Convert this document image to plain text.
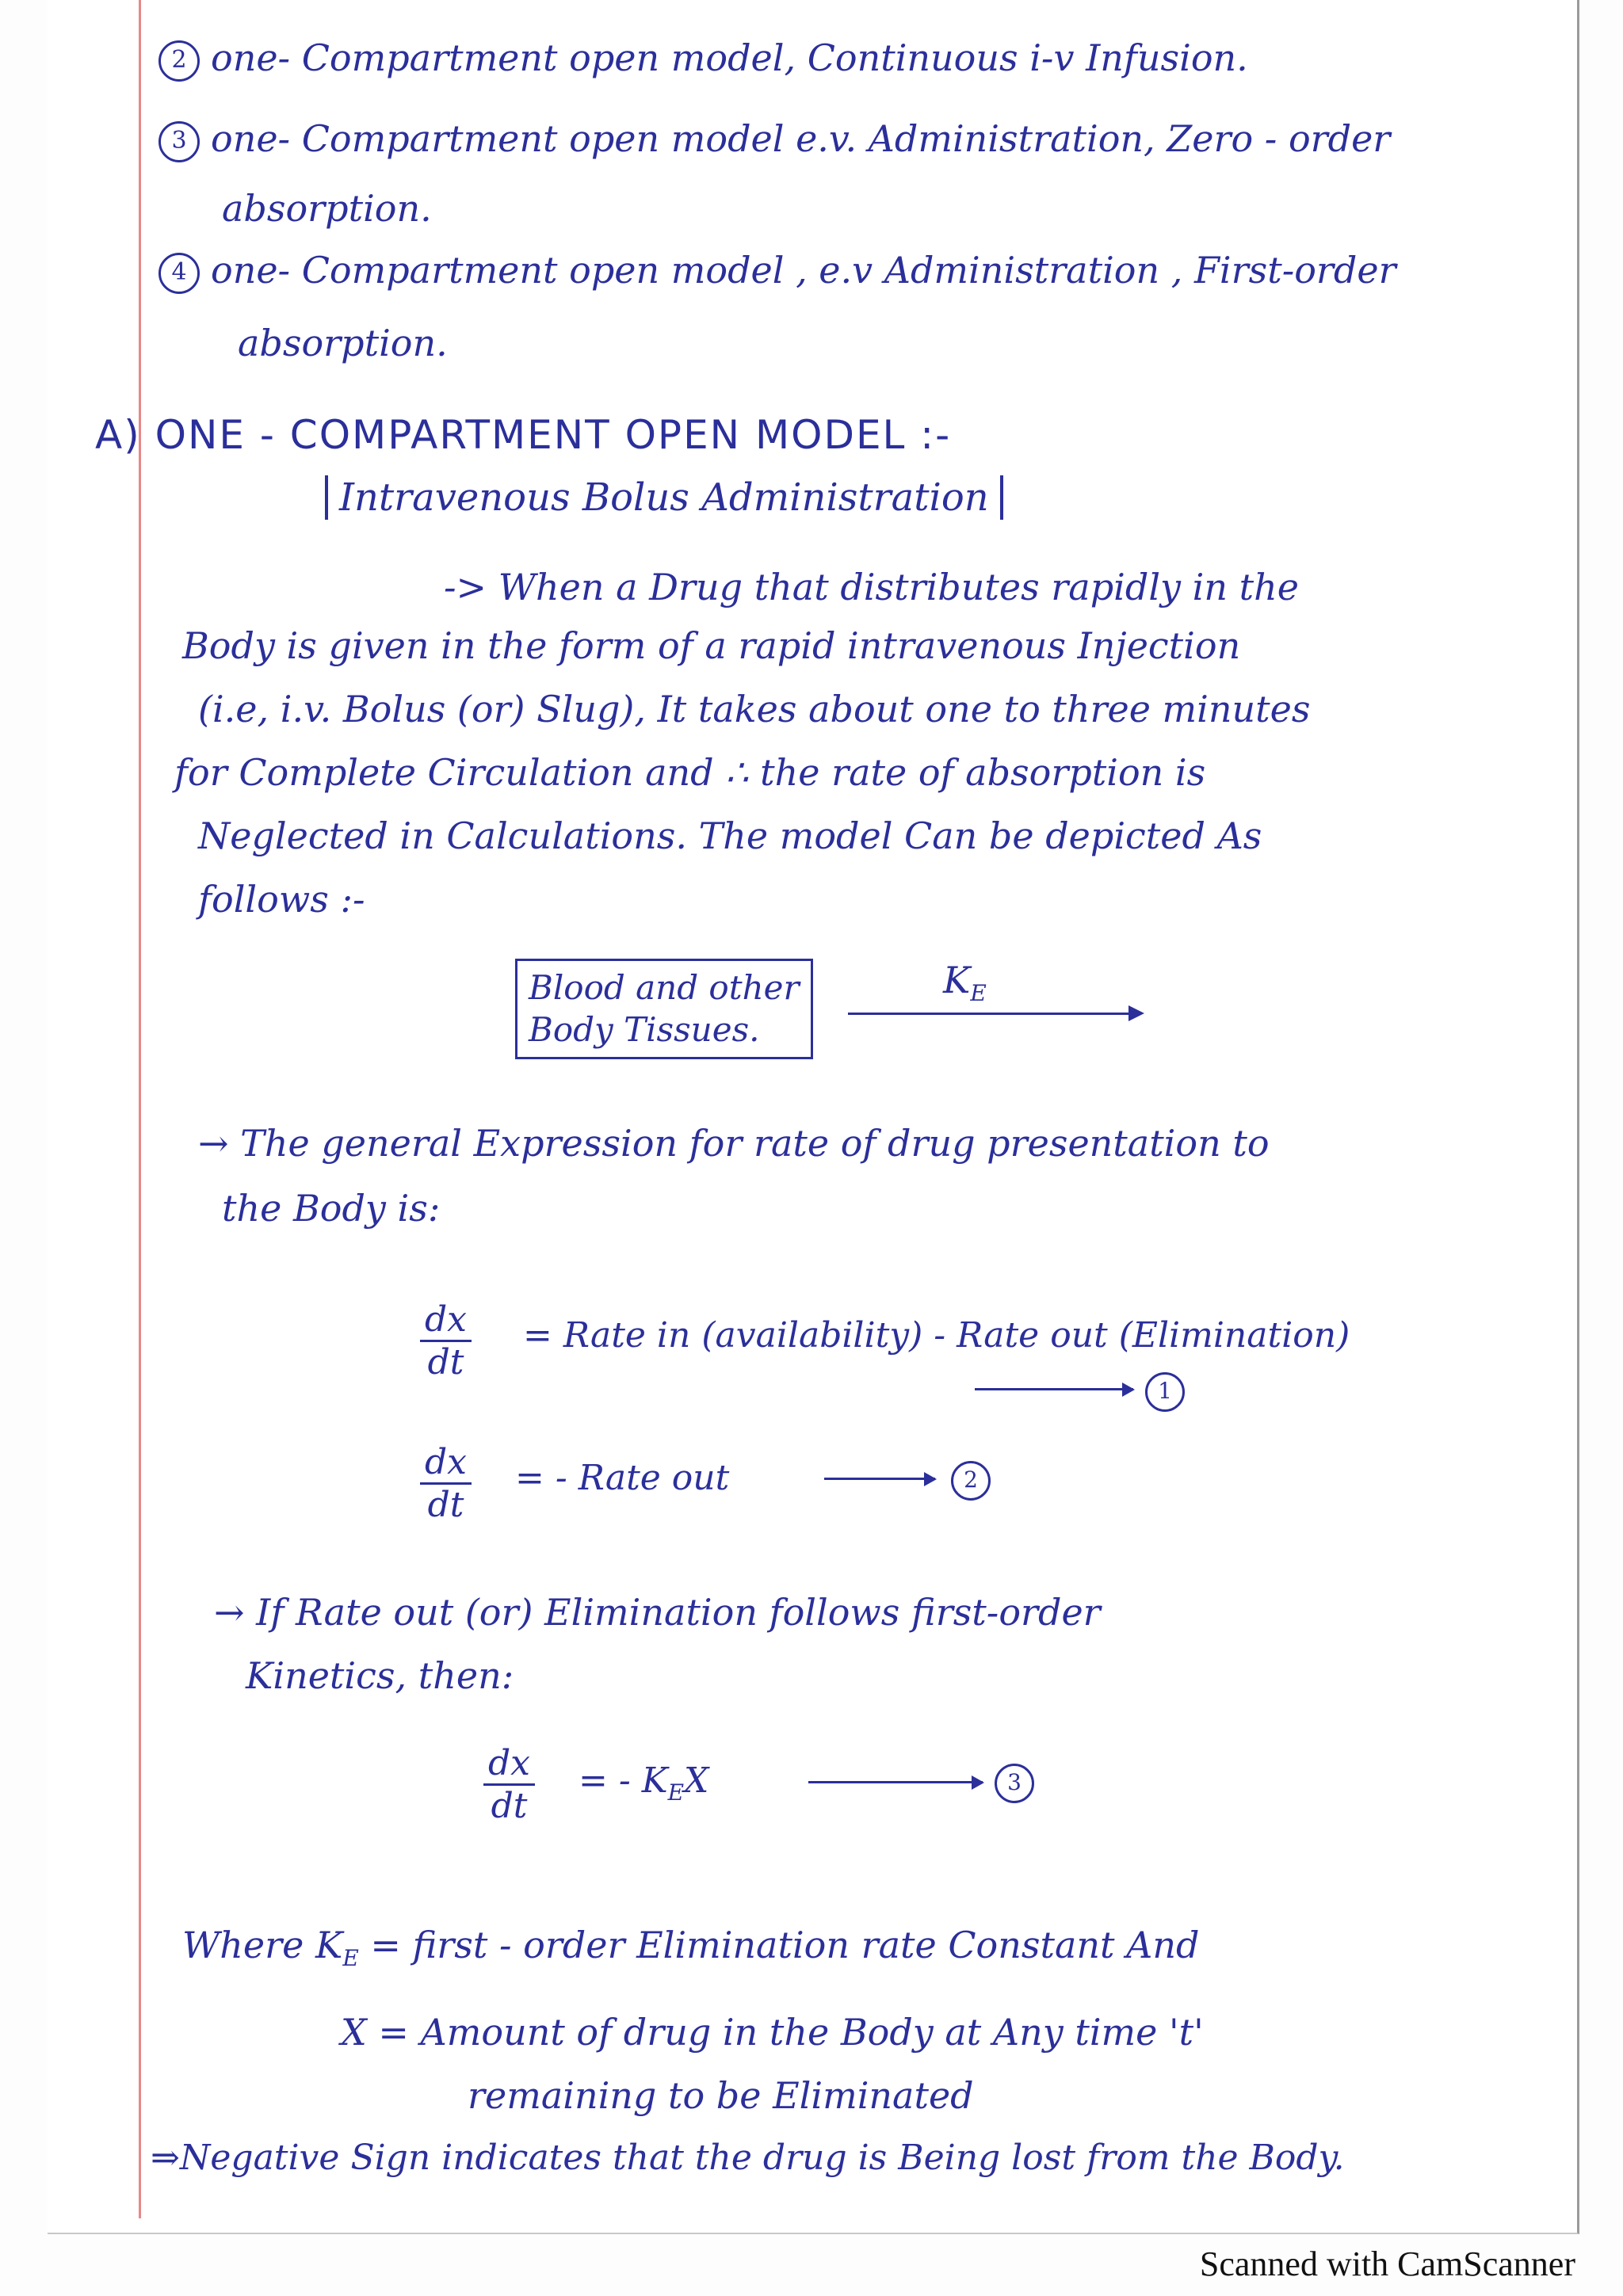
2 one- Compartment open model, Continuous i-v Infusion.
3 one- Compartment open model e.v. Administration, Zero - order
absorption.
4 one- Compartment open model , e.v Administration , First-order
absorption.
A) ONE - COMPARTMENT OPEN MODEL :-
Intravenous Bolus Administration
-> When a Drug that distributes rapidly in the
Body is given in the form of a rapid intravenous Injection
(i.e, i.v. Bolus (or) Slug), It takes about one to three minutes
for Complete Circulation and ∴ the rate of absorption is
Neglected in Calculations. The model Can be depicted As
follows :-
Blood and other
Body Tissues.
$K_E$
→ The general Expression for rate of drug presentation to
the Body is:
$\frac{dx}{dt}$ = Rate in (availability) - Rate out (Elimination)
1
$\frac{dx}{dt}$ = - Rate out	2
→ If Rate out (or) Elimination follows first-order
Kinetics, then:
$\frac{dx}{dt}$ = - $K_EX$	3
Where $K_E$ = first - order Elimination rate Constant And
X = Amount of drug in the Body at Any time 't'
remaining to be Eliminated
⇒Negative Sign indicates that the drug is Being lost from the Body.
Scanned with CamScanner
